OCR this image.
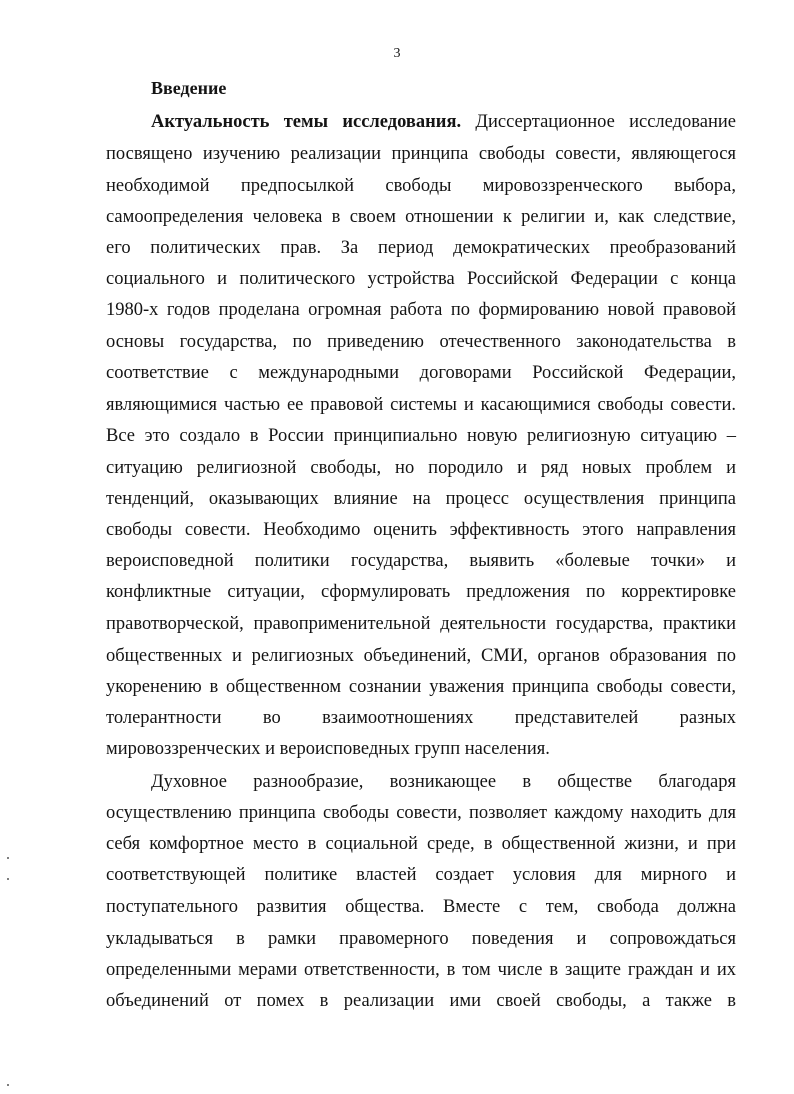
3
Введение
Актуальность темы исследования. Диссертационное исследование
посвящено изучению реализации принципа свободы совести, являющегося
необходимой предпосылкой свободы мировоззренческого выбора,
самоопределения человека в своем отношении к религии и, как следствие,
его политических прав. За период демократических преобразований
социального и политического устройства Российской Федерации с конца
1980-х годов проделана огромная работа по формированию новой правовой
основы государства, по приведению отечественного законодательства в
соответствие с международными договорами Российской Федерации,
являющимися частью ее правовой системы и касающимися свободы совести.
Все это создало в России принципиально новую религиозную ситуацию –
ситуацию религиозной свободы, но породило и ряд новых проблем и
тенденций, оказывающих влияние на процесс осуществления принципа
свободы совести. Необходимо оценить эффективность этого направления
вероисповедной политики государства, выявить «болевые точки» и
конфликтные ситуации, сформулировать предложения по корректировке
правотворческой, правоприменительной деятельности государства, практики
общественных и религиозных объединений, СМИ, органов образования по
укоренению в общественном сознании уважения принципа свободы совести,
толерантности во взаимоотношениях представителей разных
мировоззренческих и вероисповедных групп населения.
Духовное разнообразие, возникающее в обществе благодаря
осуществлению принципа свободы совести, позволяет каждому находить для
себя комфортное место в социальной среде, в общественной жизни, и при
соответствующей политике властей создает условия для мирного и
поступательного развития общества. Вместе с тем, свобода должна
укладываться в рамки правомерного поведения и сопровождаться
определенными мерами ответственности, в том числе в защите граждан и их
объединений от помех в реализации ими своей свободы, а также в
